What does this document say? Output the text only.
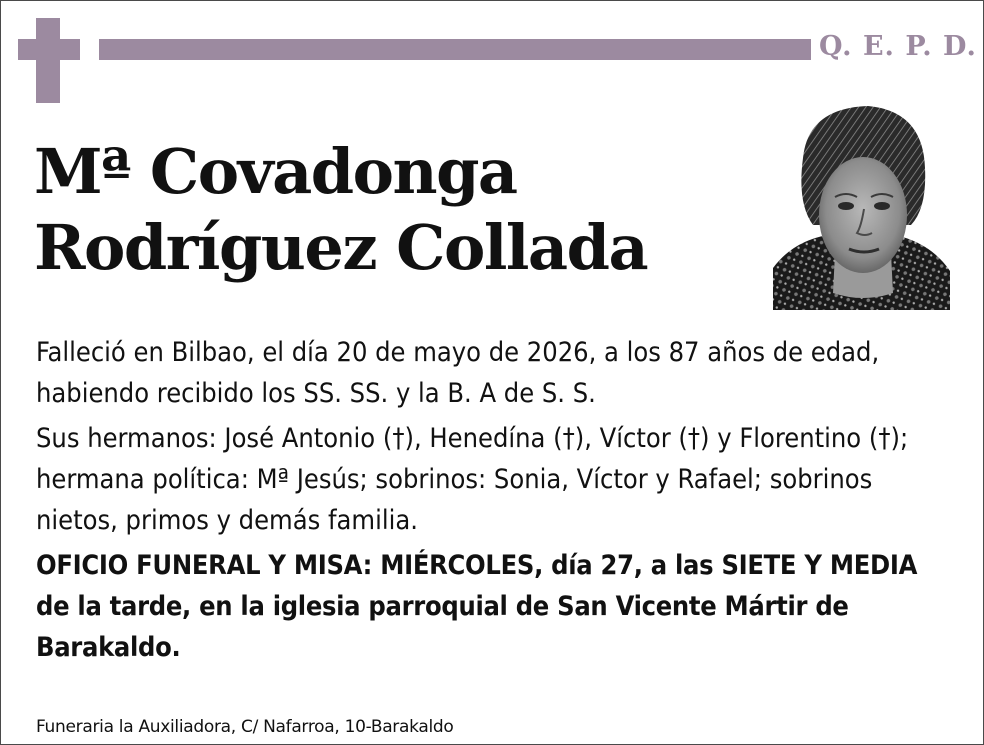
Q. E. P. D.
Mª Covadonga
Rodríguez Collada

Falleció en Bilbao, el día 20 de mayo de 2026, a los 87 años de edad, habiendo recibido los SS. SS. y la B. A de S. S.

Sus hermanos: José Antonio (†), Henedína (†), Víctor (†) y Florentino (†); hermana política: Mª Jesús; sobrinos: Sonia, Víctor y Rafael; sobrinos nietos, primos y demás familia.

OFICIO FUNERAL Y MISA: MIÉRCOLES, día 27, a las SIETE Y MEDIA de la tarde, en la iglesia parroquial de San Vicente Mártir de Barakaldo.

Funeraria la Auxiliadora, C/ Nafarroa, 10-Barakaldo
